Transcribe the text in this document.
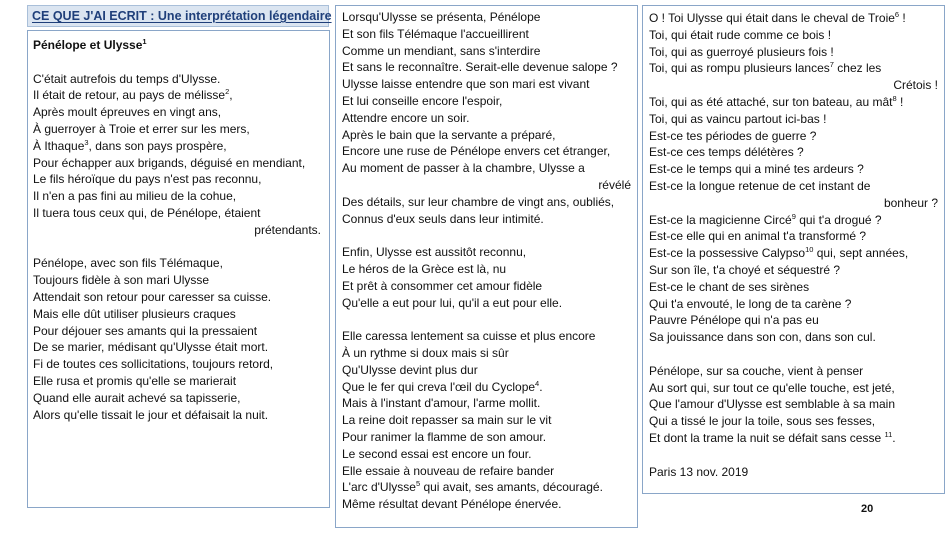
CE QUE J'AI ECRIT : Une interprétation légendaire
Pénélope et Ulysse$^1$
C'était autrefois du temps d'Ulysse.
Il était de retour, au pays de mélisse$^2$,
Après moult épreuves en vingt ans,
À guerroyer à Troie et errer sur les mers,
À Ithaque$^3$, dans son pays prospère,
Pour échapper aux brigands, déguisé en mendiant,
Le fils héroïque du pays n'est pas reconnu,
Il n'en a pas fini au milieu de la cohue,
Il tuera tous ceux qui, de Pénélope, étaient
prétendants.
Pénélope, avec son fils Télémaque,
Toujours fidèle à son mari Ulysse
Attendait son retour pour caresser sa cuisse.
Mais elle dût utiliser plusieurs craques
Pour déjouer ses amants qui la pressaient
De se marier, médisant qu'Ulysse était mort.
Fi de toutes ces sollicitations, toujours retord,
Elle rusa et promis qu'elle se marierait
Quand elle aurait achevé sa tapisserie,
Alors qu'elle tissait le jour et défaisait la nuit.
Lorsqu'Ulysse se présenta, Pénélope
Et son fils Télémaque l'accueillirent
Comme un mendiant, sans s'interdire
Et sans le reconnaître. Serait-elle devenue salope ?
Ulysse laisse entendre que son mari est vivant
Et lui conseille encore l'espoir,
Attendre encore un soir.
Après le bain que la servante a préparé,
Encore une ruse de Pénélope envers cet étranger,
Au moment de passer à la chambre, Ulysse a
révélé
Des détails, sur leur chambre de vingt ans, oubliés,
Connus d'eux seuls dans leur intimité.
Enfin, Ulysse est aussitôt reconnu,
Le héros de la Grèce est là, nu
Et prêt à consommer cet amour fidèle
Qu'elle a eut pour lui, qu'il a eut pour elle.
Elle caressa lentement sa cuisse et plus encore
À un rythme si doux mais si sûr
Qu'Ulysse devint plus dur
Que le fer qui creva l'œil du Cyclope$^4$.
Mais à l'instant d'amour, l'arme mollit.
La reine doit repasser sa main sur le vit
Pour ranimer la flamme de son amour.
Le second essai est encore un four.
Elle essaie à nouveau de refaire bander
L'arc d'Ulysse$^5$ qui avait, ses amants, découragé.
Même résultat devant Pénélope énervée.
O ! Toi Ulysse qui était dans le cheval de Troie$^6$ !
Toi, qui était rude comme ce bois !
Toi, qui as guerroyé plusieurs fois !
Toi, qui as rompu plusieurs lances$^7$ chez les
Crétois !
Toi, qui as été attaché, sur ton bateau, au mât$^8$ !
Toi, qui as vaincu partout ici-bas !
Est-ce tes périodes de guerre ?
Est-ce ces temps délétères ?
Est-ce le temps qui a miné tes ardeurs ?
Est-ce la longue retenue de cet instant de
bonheur ?
Est-ce la magicienne Circé$^9$ qui t'a drogué ?
Est-ce elle qui en animal t'a transformé ?
Est-ce la possessive Calypso$^{10}$ qui, sept années,
Sur son île, t'a choyé et séquestré ?
Est-ce le chant de ses sirènes
Qui t'a envouté, le long de ta carène ?
Pauvre Pénélope qui n'a pas eu
Sa jouissance dans son con, dans son cul.
Pénélope, sur sa couche, vient à penser
Au sort qui, sur tout ce qu'elle touche, est jeté,
Que l'amour d'Ulysse est semblable à sa main
Qui a tissé le jour la toile, sous ses fesses,
Et dont la trame la nuit se défait sans cesse $^{11}$.
Paris 13 nov. 2019
20
